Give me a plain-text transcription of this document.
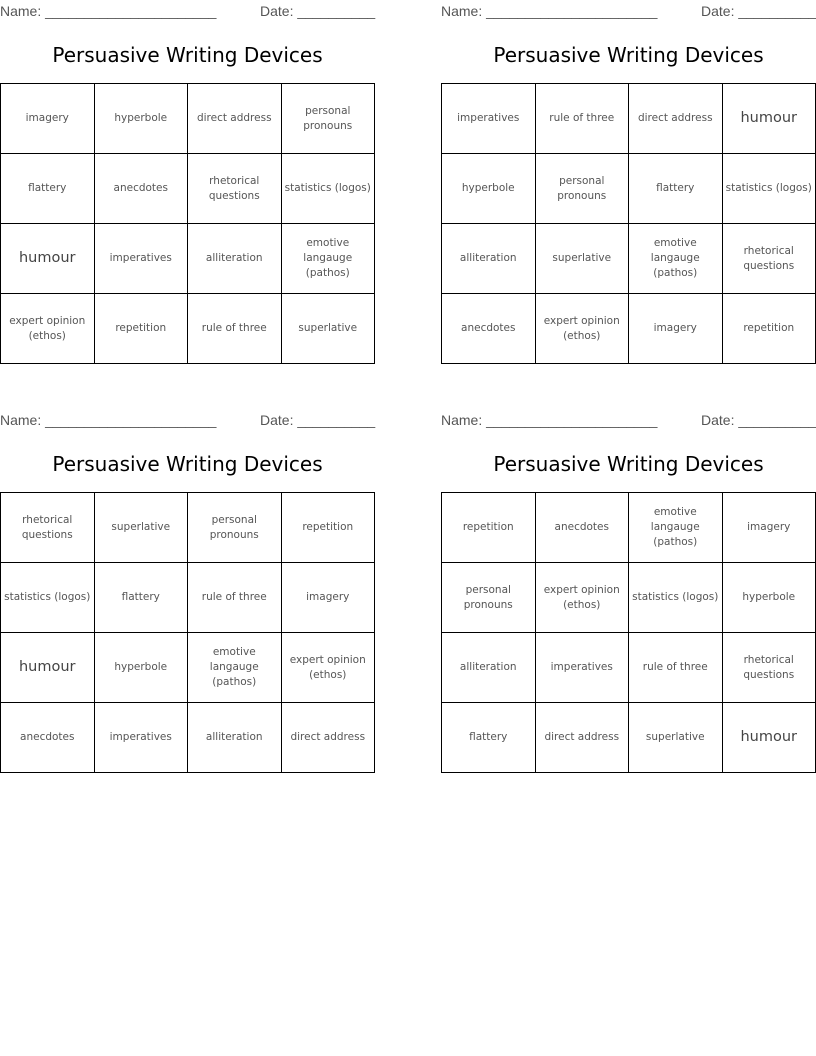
Name: ______________________	Date: __________
Persuasive Writing Devices
imagery	hyperbole	direct address	personal pronouns
flattery	anecdotes	rhetorical questions	statistics (logos)
humour	imperatives	alliteration	emotive langauge (pathos)
expert opinion (ethos)	repetition	rule of three	superlative
Name: ______________________	Date: __________
Persuasive Writing Devices
imperatives	rule of three	direct address	humour
hyperbole	personal pronouns	flattery	statistics (logos)
alliteration	superlative	emotive langauge (pathos)	rhetorical questions
anecdotes	expert opinion (ethos)	imagery	repetition
Name: ______________________	Date: __________
Persuasive Writing Devices
rhetorical questions	superlative	personal pronouns	repetition
statistics (logos)	flattery	rule of three	imagery
humour	hyperbole	emotive langauge (pathos)	expert opinion (ethos)
anecdotes	imperatives	alliteration	direct address
Name: ______________________	Date: __________
Persuasive Writing Devices
repetition	anecdotes	emotive langauge (pathos)	imagery
personal pronouns	expert opinion (ethos)	statistics (logos)	hyperbole
alliteration	imperatives	rule of three	rhetorical questions
flattery	direct address	superlative	humour
